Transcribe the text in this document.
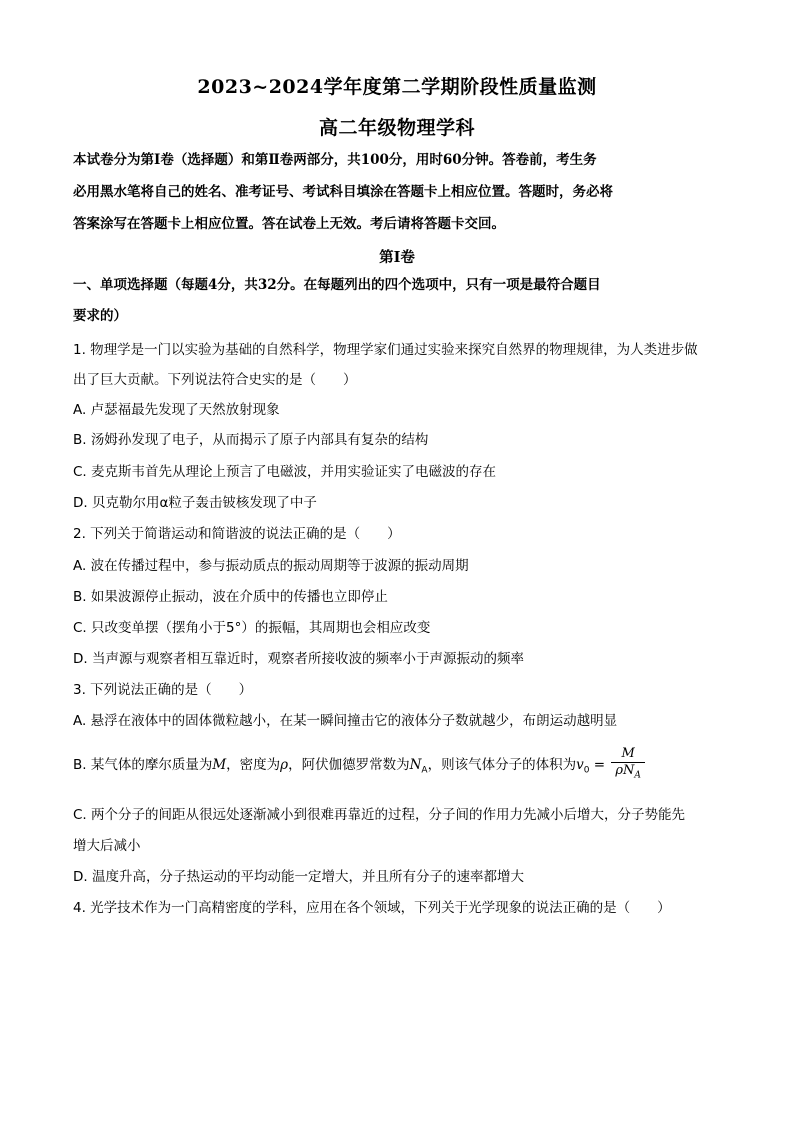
2023~2024学年度第二学期阶段性质量监测
高二年级物理学科
本试卷分为第Ⅰ卷（选择题）和第Ⅱ卷两部分，共100分，用时60分钟。答卷前，考生务
必用黑水笔将自己的姓名、准考证号、考试科目填涂在答题卡上相应位置。答题时，务必将
答案涂写在答题卡上相应位置。答在试卷上无效。考后请将答题卡交回。
第Ⅰ卷
一、单项选择题（每题4分，共32分。在每题列出的四个选项中，只有一项是最符合题目
要求的）
1. 物理学是一门以实验为基础的自然科学，物理学家们通过实验来探究自然界的物理规律，为人类进步做
出了巨大贡献。下列说法符合史实的是（　　）
A. 卢瑟福最先发现了天然放射现象
B. 汤姆孙发现了电子，从而揭示了原子内部具有复杂的结构
C. 麦克斯韦首先从理论上预言了电磁波，并用实验证实了电磁波的存在
D. 贝克勒尔用α粒子轰击铍核发现了中子
2. 下列关于简谐运动和简谐波的说法正确的是（　　）
A. 波在传播过程中，参与振动质点的振动周期等于波源的振动周期
B. 如果波源停止振动，波在介质中的传播也立即停止
C. 只改变单摆（摆角小于5°）的振幅，其周期也会相应改变
D. 当声源与观察者相互靠近时，观察者所接收波的频率小于声源振动的频率
3. 下列说法正确的是（　　）
A. 悬浮在液体中的固体微粒越小，在某一瞬间撞击它的液体分子数就越少，布朗运动越明显
B. 某气体的摩尔质量为M，密度为ρ，阿伏伽德罗常数为$N_A$，则该气体分子的体积为$v_0 = \frac{M}{\rho N_A}$
C. 两个分子的间距从很远处逐渐减小到很难再靠近的过程，分子间的作用力先减小后增大，分子势能先
增大后减小
D. 温度升高，分子热运动的平均动能一定增大，并且所有分子的速率都增大
4. 光学技术作为一门高精密度的学科，应用在各个领域，下列关于光学现象的说法正确的是（　　）
